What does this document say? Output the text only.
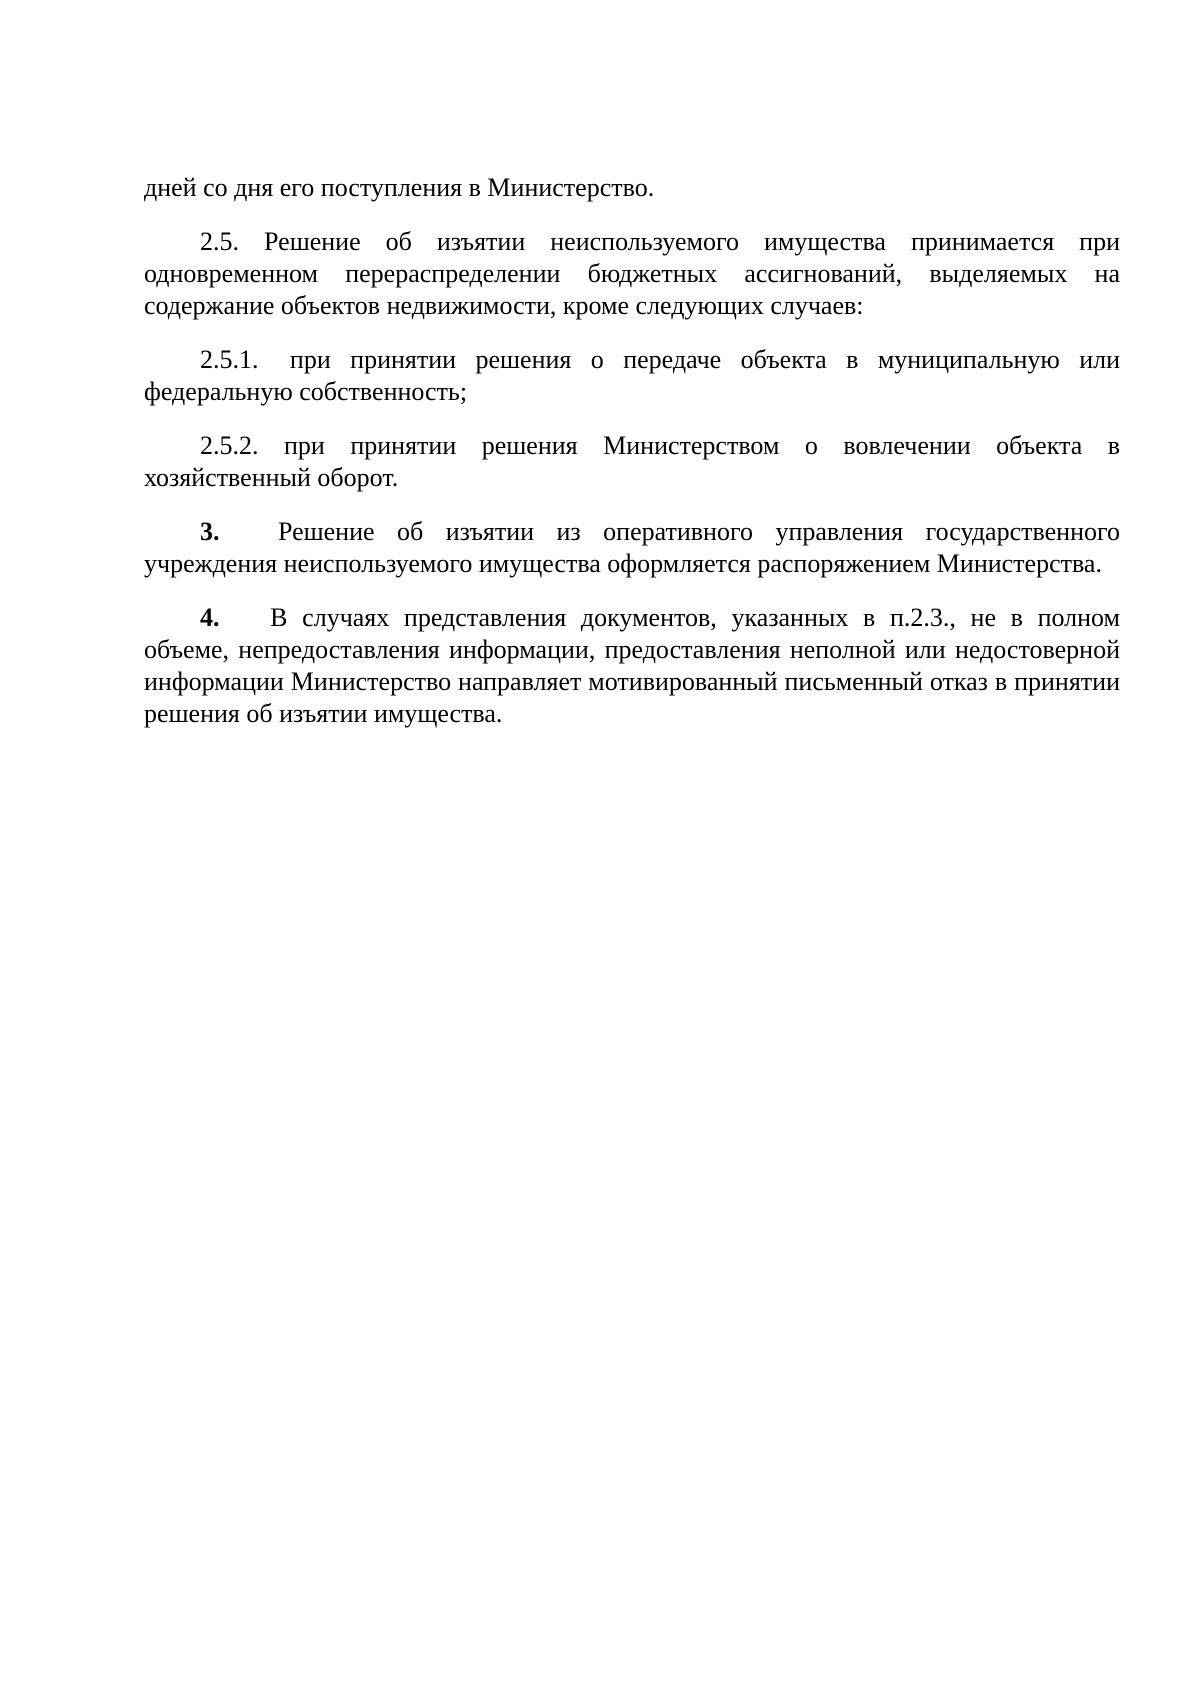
дней со дня его поступления в Министерство.

2.5. Решение об изъятии неиспользуемого имущества принимается при одновременном перераспределении бюджетных ассигнований, выделяемых на содержание объектов недвижимости, кроме следующих случаев:

2.5.1. при принятии решения о передаче объекта в муниципальную или федеральную собственность;

2.5.2. при принятии решения Министерством о вовлечении объекта в хозяйственный оборот.

3. Решение об изъятии из оперативного управления государственного учреждения неиспользуемого имущества оформляется распоряжением Министерства.

4. В случаях представления документов, указанных в п.2.3., не в полном объеме, непредоставления информации, предоставления неполной или недостоверной информации Министерство направляет мотивированный письменный отказ в принятии решения об изъятии имущества.
